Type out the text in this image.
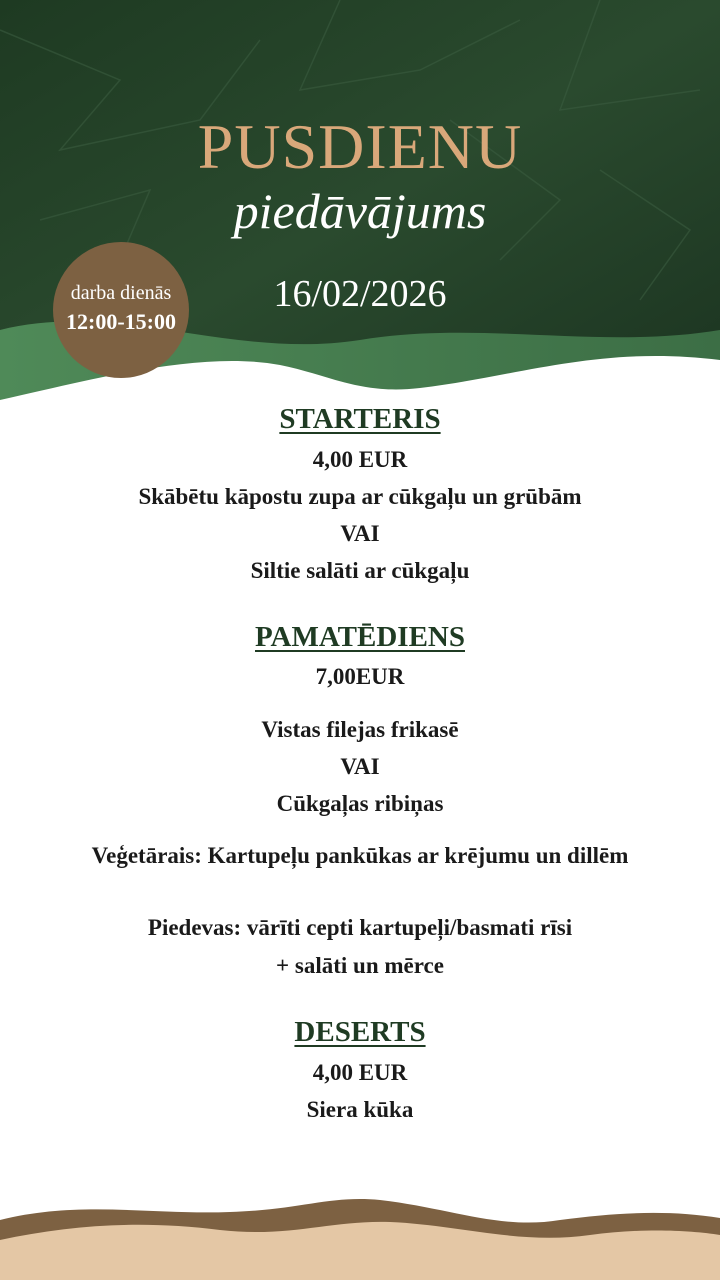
PUSDIENU
piedāvājums
16/02/2026
darba dienās
12:00-15:00
STARTERIS
4,00 EUR
Skābētu kāpostu zupa ar cūkgaļu un grūbām
VAI
Siltie salāti ar cūkgaļu
PAMATĒDIENS
7,00EUR
Vistas filejas frikasē
VAI
Cūkgaļas ribiņas
Veģetārais: Kartupeļu pankūkas ar krējumu un dillēm
Piedevas: vārīti cepti kartupeļi/basmati rīsi
+ salāti un mērce
DESERTS
4,00 EUR
Siera kūka
